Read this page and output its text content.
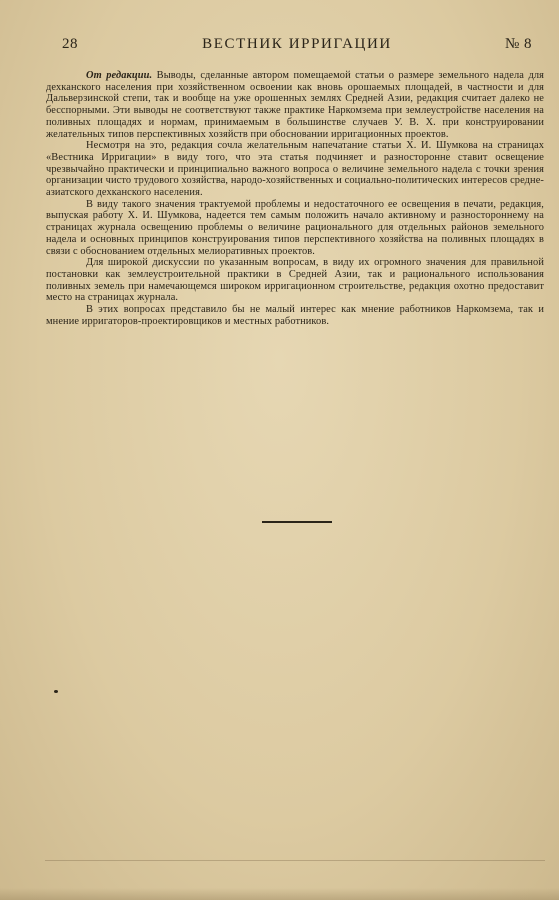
28	ВЕСТНИК ИРРИГАЦИИ	№ 8

От редакции. Выводы, сделанные автором помещаемой статьи о размере земельного надела для дехканского населения при хозяйственном освоении как вновь орошаемых площадей, в частности и для Дальверзинской степи, так и вообще на уже орошенных землях Средней Азии, редакция считает далеко не бесспорными. Эти выводы не соответствуют также практике Наркомзема при землеустройстве населения на поливных площадях и нормам, принимаемым в большинстве случаев У. В. Х. при конструировании желательных типов перспективных хозяйств при обосновании ирригационных проектов.

Несмотря на это, редакция сочла желательным напечатание статьи Х. И. Шумкова на страницах «Вестника Ирригации» в виду того, что эта статья подчиняет и разносторонне ставит освещение чрезвычайно практически и принципиально важного вопроса о величине земельного надела с точки зрения организации чисто трудового хозяйства, народо-хозяйственных и социально-политических интересов средне-азиатского дехканского населения.

В виду такого значения трактуемой проблемы и недостаточного ее освещения в печати, редакция, выпуская работу Х. И. Шумкова, надеется тем самым положить начало активному и разностороннему на страницах журнала освещению проблемы о величине рационального для отдельных районов земельного надела и основных принципов конструирования типов перспективного хозяйства на поливных площадях в связи с обоснованием отдельных мелиоративных проектов.

Для широкой дискуссии по указанным вопросам, в виду их огромного значения для правильной постановки как землеустроительной практики в Средней Азии, так и рационального использования поливных земель при намечающемся широком ирригационном строительстве, редакция охотно предоставит место на страницах журнала.

В этих вопросах представило бы не малый интерес как мнение работников Наркомзема, так и мнение ирригаторов-проектировщиков и местных работников.
